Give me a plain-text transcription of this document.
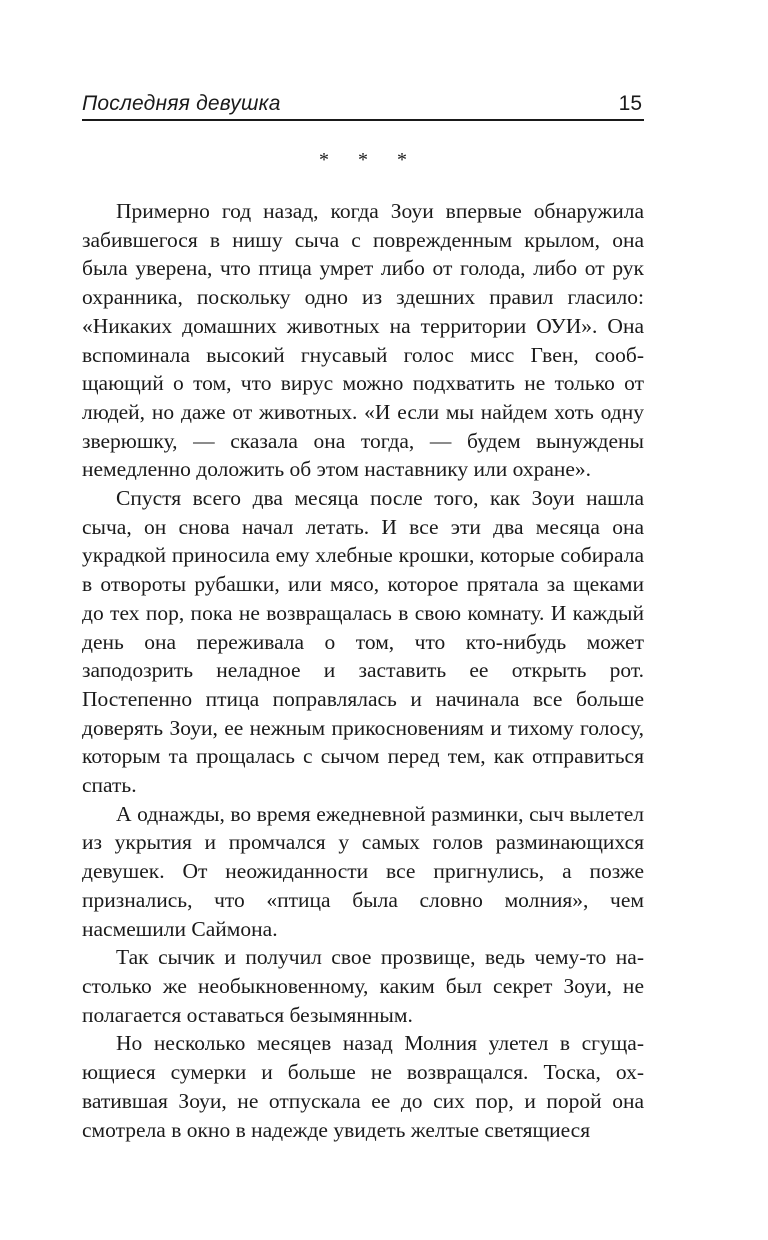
Последняя девушка	15
* * *

Примерно год назад, когда Зоуи впервые обнаружила забившегося в нишу сыча с поврежденным крылом, она была уверена, что птица умрет либо от голода, либо от рук охранника, поскольку одно из здешних правил гласило: «Никаких домашних животных на территории ОУИ». Она вспоминала высокий гнусавый голос мисс Гвен, сообщающий о том, что вирус можно подхватить не только от людей, но даже от животных. «И если мы найдем хоть одну зверюшку, — сказала она тогда, — будем вынуждены немедленно доложить об этом наставнику или охране».

Спустя всего два месяца после того, как Зоуи нашла сыча, он снова начал летать. И все эти два месяца она украдкой приносила ему хлебные крошки, которые собирала в отвороты рубашки, или мясо, которое прятала за щеками до тех пор, пока не возвращалась в свою комнату. И каждый день она переживала о том, что кто-нибудь может заподозрить неладное и заставить ее открыть рот. Постепенно птица поправлялась и начинала все больше доверять Зоуи, ее нежным прикосновениям и тихому голосу, которым та прощалась с сычом перед тем, как отправиться спать.

А однажды, во время ежедневной разминки, сыч вылетел из укрытия и промчался у самых голов разминающихся девушек. От неожиданности все пригнулись, а позже признались, что «птица была словно молния», чем насмешили Саймона.

Так сычик и получил свое прозвище, ведь чему-то настолько же необыкновенному, каким был секрет Зоуи, не полагается оставаться безымянным.

Но несколько месяцев назад Молния улетел в сгущающиеся сумерки и больше не возвращался. Тоска, охватившая Зоуи, не отпускала ее до сих пор, и порой она смотрела в окно в надежде увидеть желтые светящиеся
